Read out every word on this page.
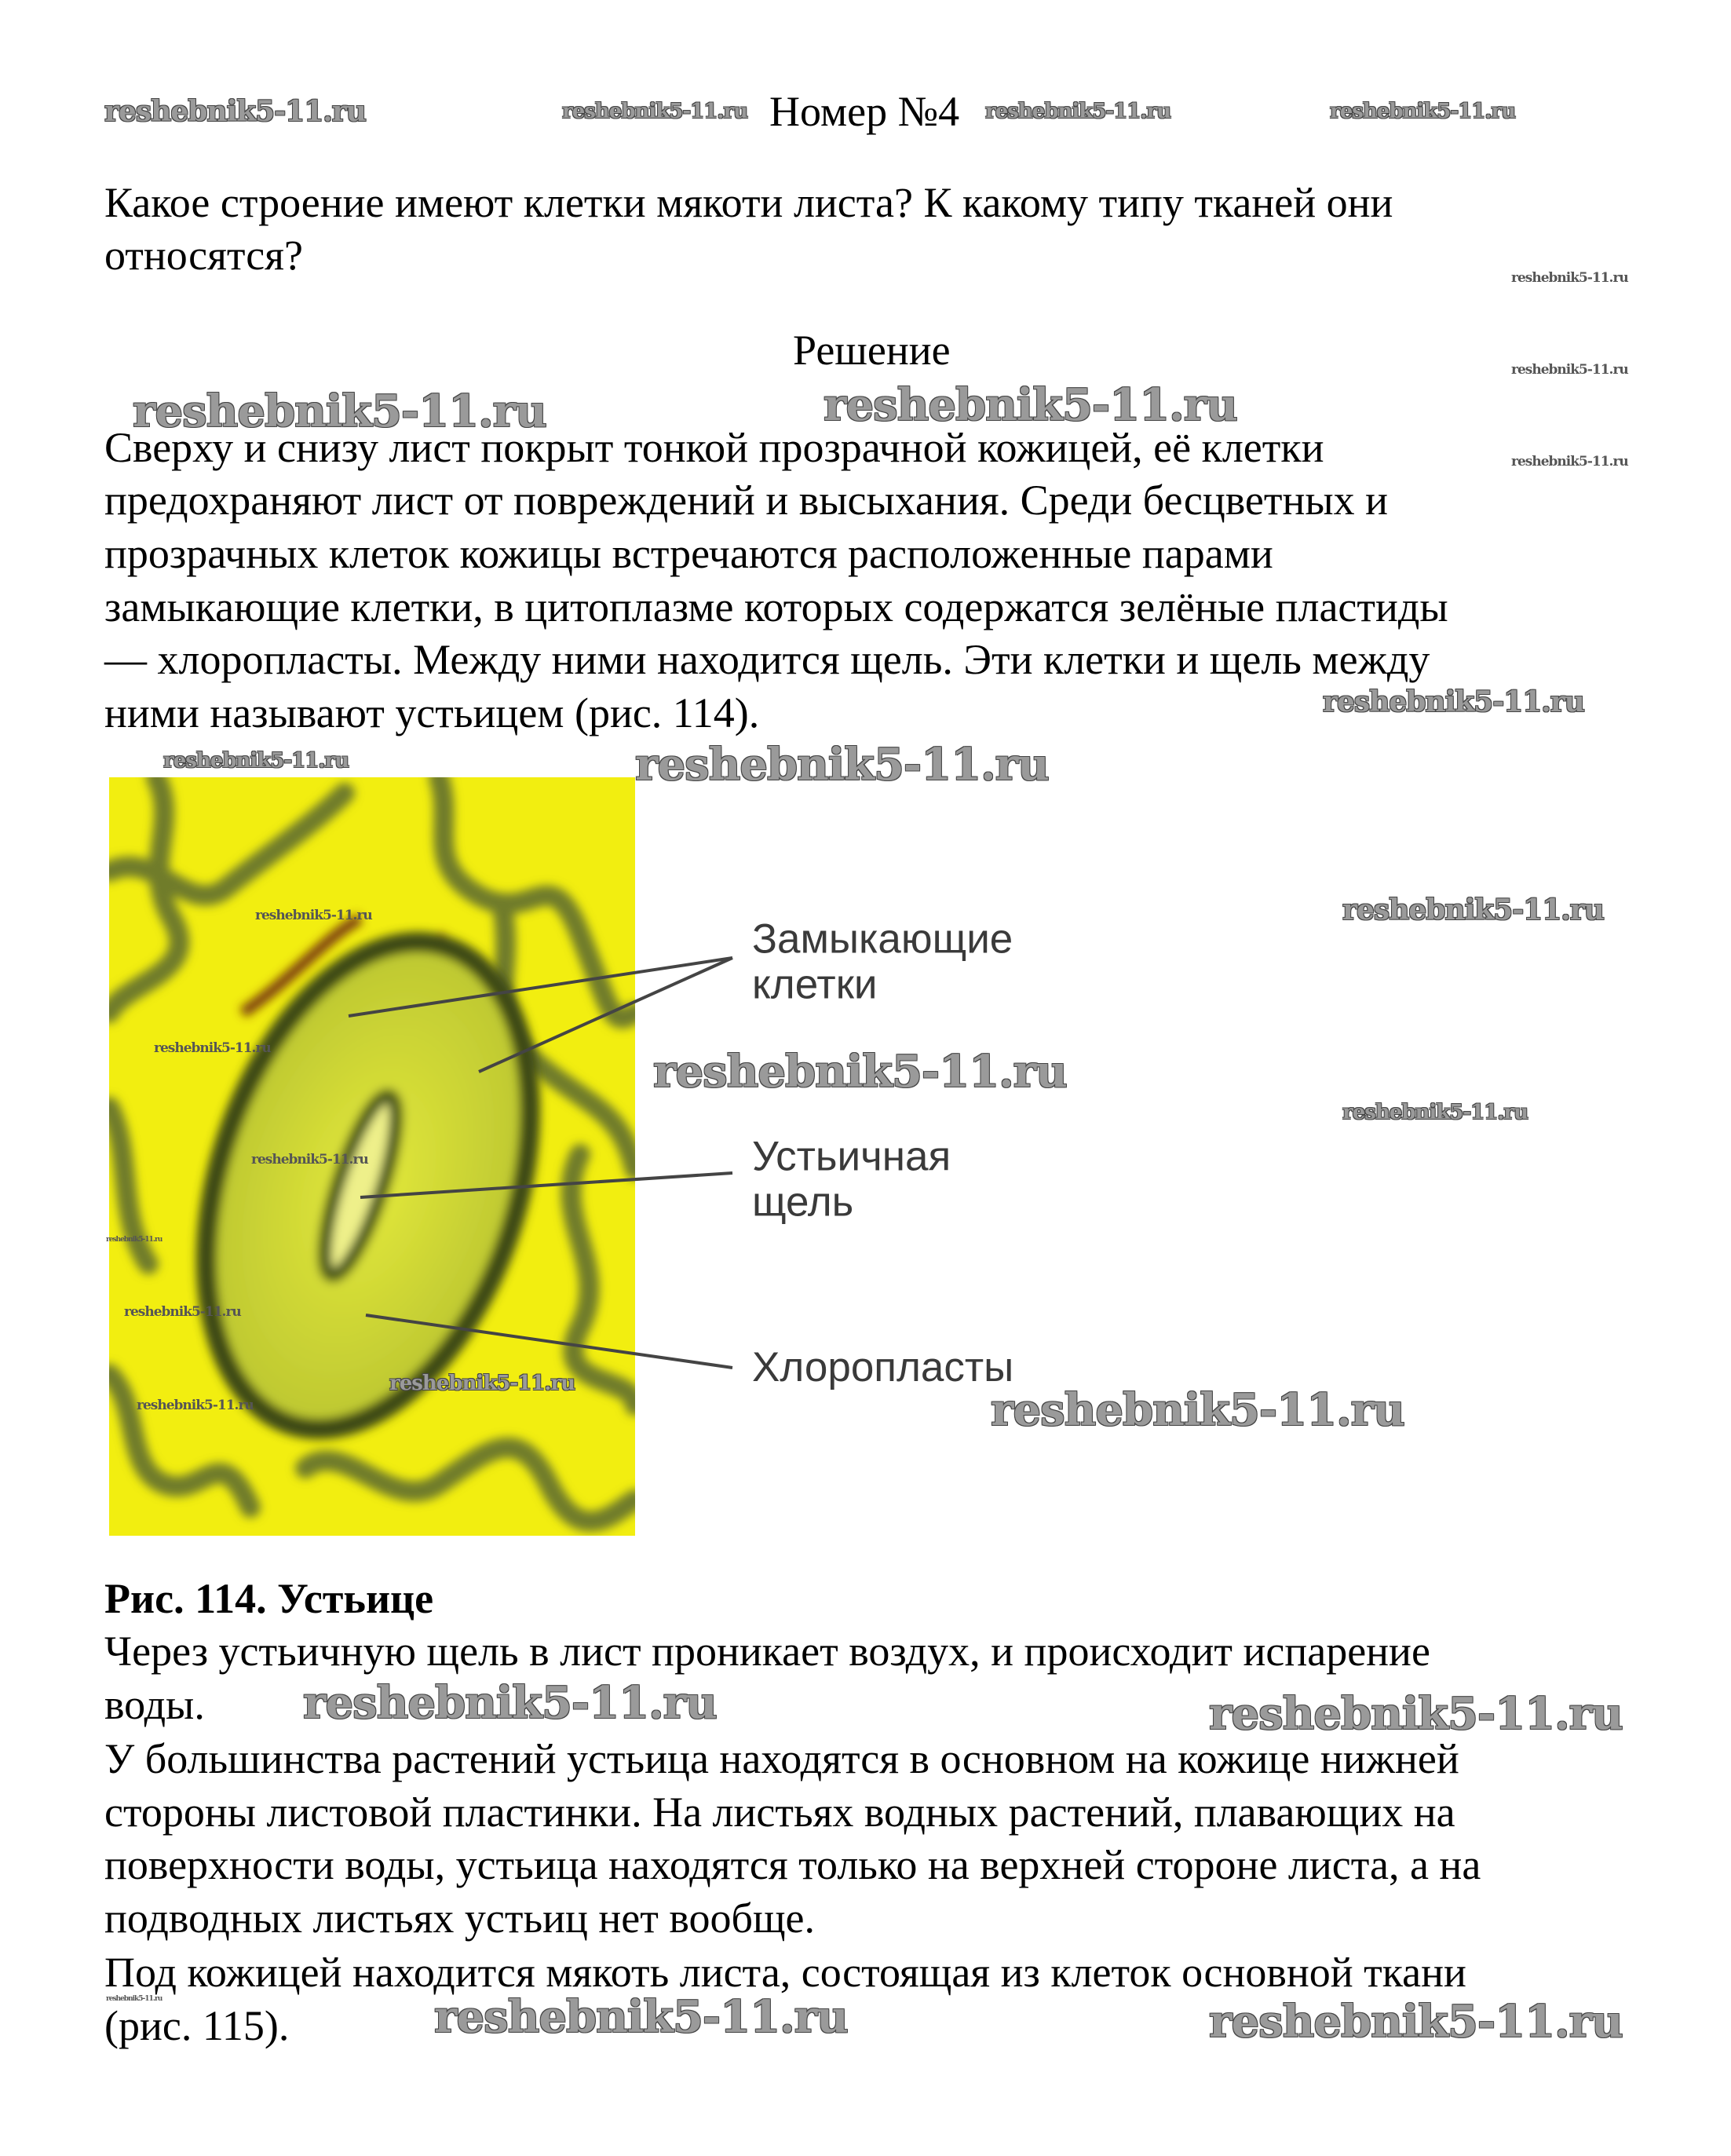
Номер №4
Какое строение имеют клетки мякоти листа? К какому типу тканей они
относятся?
Решение
Сверху и снизу лист покрыт тонкой прозрачной кожицей, её клетки
предохраняют лист от повреждений и высыхания. Среди бесцветных и
прозрачных клеток кожицы встречаются расположенные парами
замыкающие клетки, в цитоплазме которых содержатся зелёные пластиды
— хлоропласты. Между ними находится щель. Эти клетки и щель между
ними называют устьицем (рис. 114).
Замыкающие
клетки
Устьичная
щель
Хлоропласты
Рис. 114. Устьице
Через устьичную щель в лист проникает воздух, и происходит испарение
воды.
У большинства растений устьица находятся в основном на кожице нижней
стороны листовой пластинки. На листьях водных растений, плавающих на
поверхности воды, устьица находятся только на верхней стороне листа, а на
подводных листьях устьиц нет вообще.
Под кожицей находится мякоть листа, состоящая из клеток основной ткани
(рис. 115).
reshebnik5-11.ru	reshebnik5-11.ru	reshebnik5-11.ru	reshebnik5-11.ru
reshebnik5-11.ru
reshebnik5-11.ru
reshebnik5-11.ru
reshebnik5-11.ru	reshebnik5-11.ru
reshebnik5-11.ru
reshebnik5-11.ru	reshebnik5-11.ru
reshebnik5-11.ru
reshebnik5-11.ru
reshebnik5-11.ru	reshebnik5-11.ru
reshebnik5-11.ru
reshebnik5-11.ru
reshebnik5-11.ru
reshebnik5-11.ru
reshebnik5-11.ru
reshebnik5-11.ru	reshebnik5-11.ru
reshebnik5-11.ru	reshebnik5-11.ru
reshebnik5-11.ru	reshebnik5-11.ru	reshebnik5-11.ru
